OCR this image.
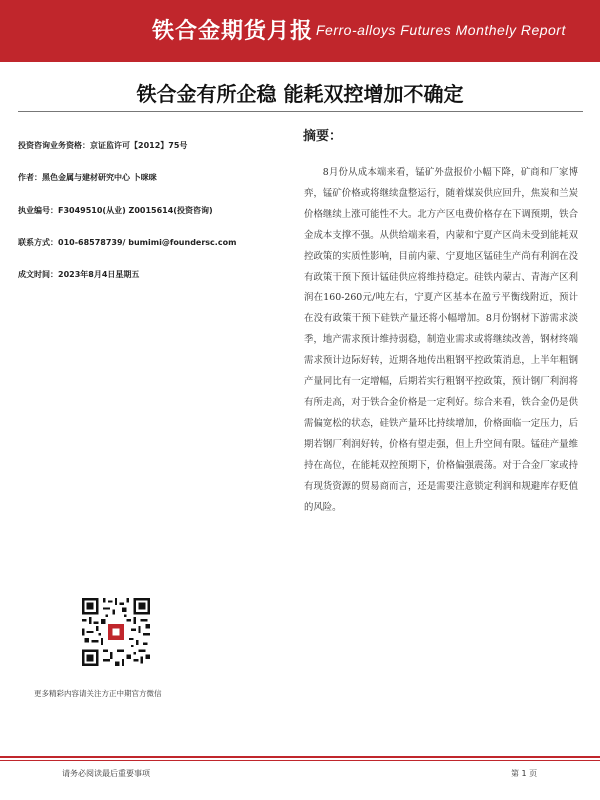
铁合金期货月报 Ferro-alloys Futures Monthely Report
铁合金有所企稳 能耗双控增加不确定
投资咨询业务资格：京证监许可【2012】75号
作者：黑色金属与建材研究中心 卜咪咪
执业编号：F3049510(从业) Z0015614(投资咨询)
联系方式：010-68578739/ bumimi@foundersc.com
成文时间：2023年8月4日星期五
摘要：
8月份从成本端来看，锰矿外盘报价小幅下降，矿商和厂家博弈，锰矿价格或将继续盘整运行，随着煤炭供应回升，焦炭和兰炭价格继续上涨可能性不大。北方产区电费价格存在下调预期，铁合金成本支撑不强。从供给端来看，内蒙和宁夏产区尚未受到能耗双控政策的实质性影响，目前内蒙、宁夏地区锰硅生产尚有利润在没有政策干预下预计锰硅供应将维持稳定。硅铁内蒙古、青海产区利润在160-260元/吨左右，宁夏产区基本在盈亏平衡线附近，预计在没有政策干预下硅铁产量还将小幅增加。8月份钢材下游需求淡季，地产需求预计维持弱稳，制造业需求或将继续改善，钢材终端需求预计边际好转，近期各地传出粗钢平控政策消息，上半年粗钢产量同比有一定增幅，后期若实行粗钢平控政策，预计钢厂利润将有所走高，对于铁合金价格是一定利好。综合来看，铁合金仍是供需偏宽松的状态，硅铁产量环比持续增加，价格面临一定压力，后期若钢厂利润好转，价格有望走强，但上升空间有限。锰硅产量维持在高位，在能耗双控预期下，价格偏强震荡。对于合金厂家或持有现货资源的贸易商而言，还是需要注意锁定利润和规避库存贬值的风险。
更多精彩内容请关注方正中期官方微信
请务必阅读最后重要事项	第 1 页
